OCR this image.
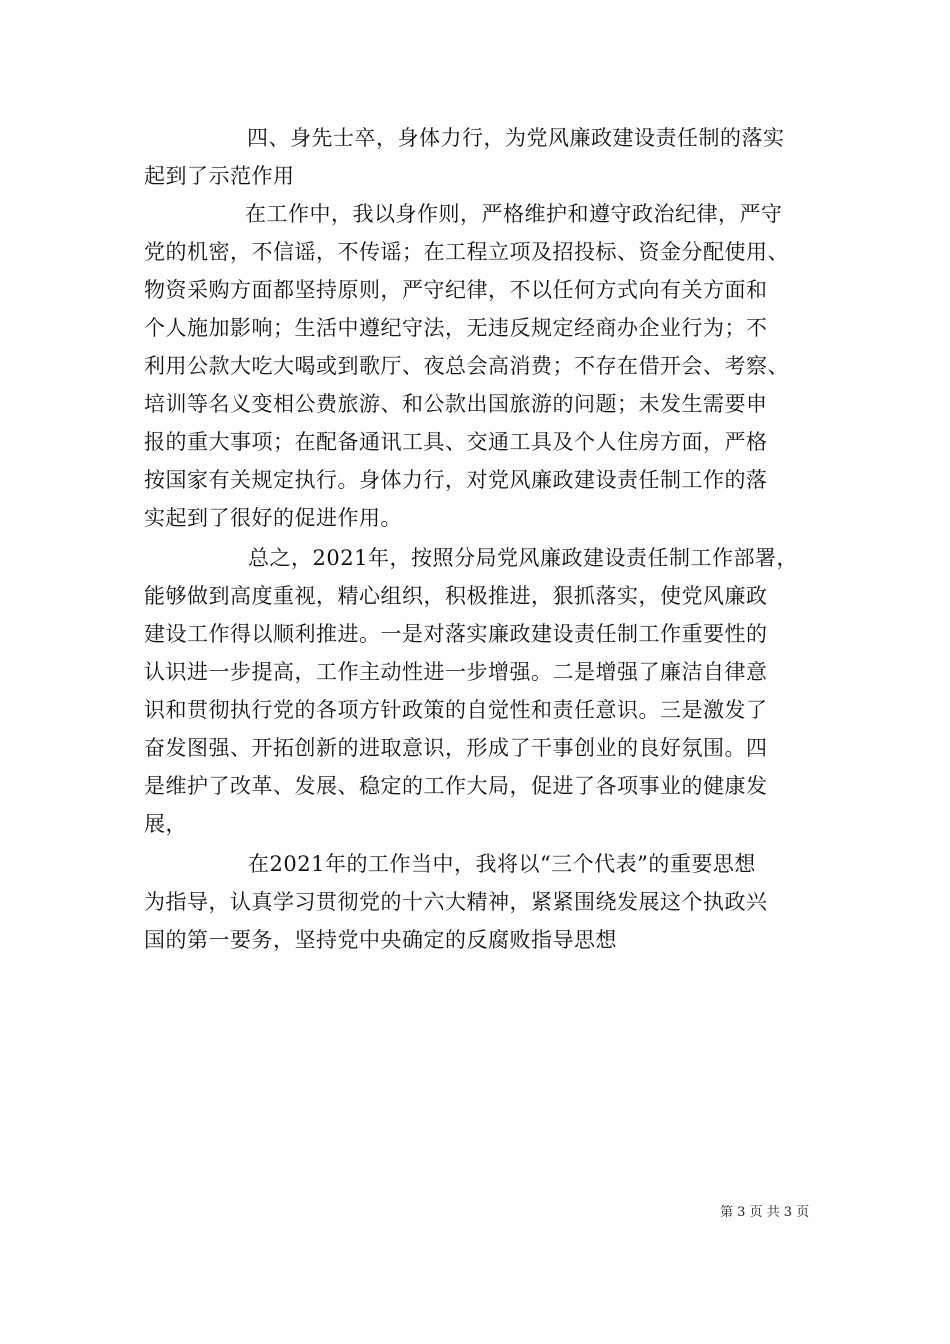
四、身先士卒，身体力行，为党风廉政建设责任制的落实
起到了示范作用
在工作中，我以身作则，严格维护和遵守政治纪律，严守
党的机密，不信谣，不传谣；在工程立项及招投标、资金分配使用、
物资采购方面都坚持原则，严守纪律，不以任何方式向有关方面和
个人施加影响；生活中遵纪守法，无违反规定经商办企业行为；不
利用公款大吃大喝或到歌厅、夜总会高消费；不存在借开会、考察、
培训等名义变相公费旅游、和公款出国旅游的问题；未发生需要申
报的重大事项；在配备通讯工具、交通工具及个人住房方面，严格
按国家有关规定执行。身体力行，对党风廉政建设责任制工作的落
实起到了很好的促进作用。
总之，2021年，按照分局党风廉政建设责任制工作部署，
能够做到高度重视，精心组织，积极推进，狠抓落实，使党风廉政
建设工作得以顺利推进。一是对落实廉政建设责任制工作重要性的
认识进一步提高，工作主动性进一步增强。二是增强了廉洁自律意
识和贯彻执行党的各项方针政策的自觉性和责任意识。三是激发了
奋发图强、开拓创新的进取意识，形成了干事创业的良好氛围。四
是维护了改革、发展、稳定的工作大局，促进了各项事业的健康发
展，
在2021年的工作当中，我将以“三个代表”的重要思想
为指导，认真学习贯彻党的十六大精神，紧紧围绕发展这个执政兴
国的第一要务，坚持党中央确定的反腐败指导思想
第 3 页 共 3 页
